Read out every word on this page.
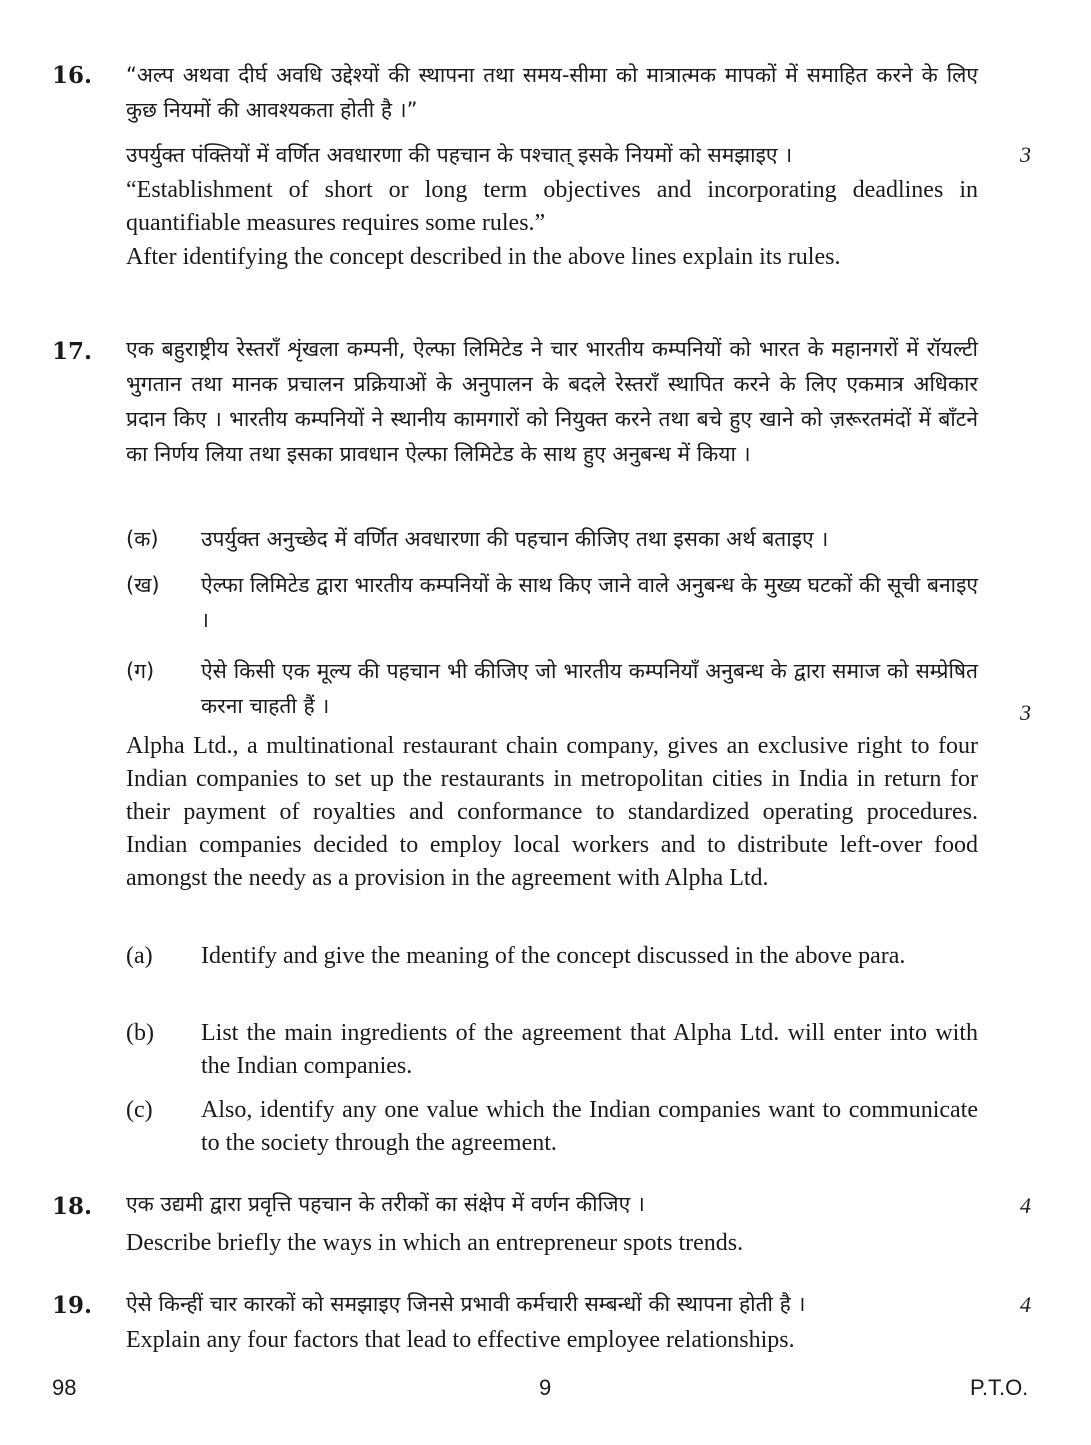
16. “अल्प अथवा दीर्घ अवधि उद्देश्यों की स्थापना तथा समय-सीमा को मात्रात्मक मापकों में समाहित करने के लिए कुछ नियमों की आवश्यकता होती है ।”

उपर्युक्त पंक्तियों में वर्णित अवधारणा की पहचान के पश्चात् इसके नियमों को समझाइए ।	3

“Establishment of short or long term objectives and incorporating deadlines in quantifiable measures requires some rules.”

After identifying the concept described in the above lines explain its rules.

17. एक बहुराष्ट्रीय रेस्तराँ शृंखला कम्पनी, ऐल्फा लिमिटेड ने चार भारतीय कम्पनियों को भारत के महानगरों में रॉयल्टी भुगतान तथा मानक प्रचालन प्रक्रियाओं के अनुपालन के बदले रेस्तराँ स्थापित करने के लिए एकमात्र अधिकार प्रदान किए । भारतीय कम्पनियों ने स्थानीय कामगारों को नियुक्त करने तथा बचे हुए खाने को ज़रूरतमंदों में बाँटने का निर्णय लिया तथा इसका प्रावधान ऐल्फा लिमिटेड के साथ हुए अनुबन्ध में किया ।

(क) उपर्युक्त अनुच्छेद में वर्णित अवधारणा की पहचान कीजिए तथा इसका अर्थ बताइए ।

(ख) ऐल्फा लिमिटेड द्वारा भारतीय कम्पनियों के साथ किए जाने वाले अनुबन्ध के मुख्य घटकों की सूची बनाइए ।

(ग) ऐसे किसी एक मूल्य की पहचान भी कीजिए जो भारतीय कम्पनियाँ अनुबन्ध के द्वारा समाज को सम्प्रेषित करना चाहती हैं ।	3

Alpha Ltd., a multinational restaurant chain company, gives an exclusive right to four Indian companies to set up the restaurants in metropolitan cities in India in return for their payment of royalties and conformance to standardized operating procedures. Indian companies decided to employ local workers and to distribute left-over food amongst the needy as a provision in the agreement with Alpha Ltd.

(a) Identify and give the meaning of the concept discussed in the above para.

(b) List the main ingredients of the agreement that Alpha Ltd. will enter into with the Indian companies.

(c) Also, identify any one value which the Indian companies want to communicate to the society through the agreement.

18. एक उद्यमी द्वारा प्रवृत्ति पहचान के तरीकों का संक्षेप में वर्णन कीजिए ।	4

Describe briefly the ways in which an entrepreneur spots trends.

19. ऐसे किन्हीं चार कारकों को समझाइए जिनसे प्रभावी कर्मचारी सम्बन्धों की स्थापना होती है ।	4

Explain any four factors that lead to effective employee relationships.

98	9	P.T.O.
